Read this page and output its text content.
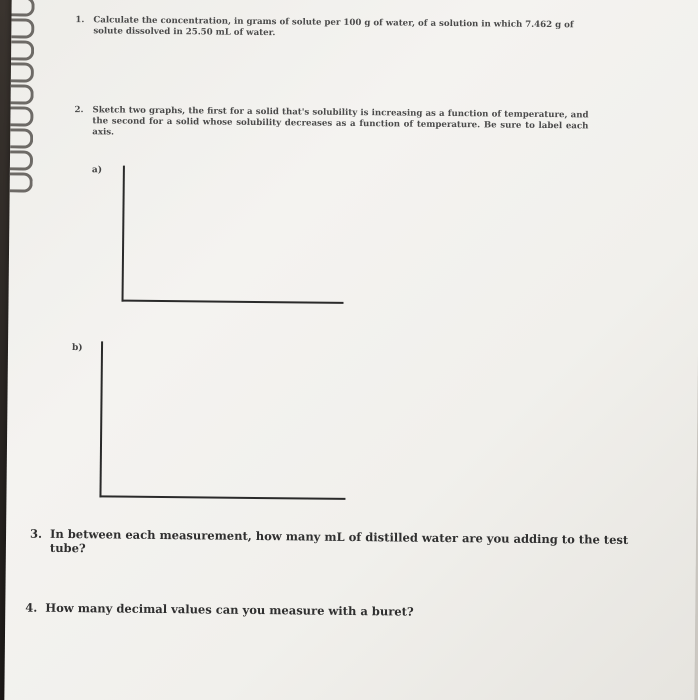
1. Calculate the concentration, in grams of solute per 100 g of water, of a solution in which 7.462 g of solute dissolved in 25.50 mL of water.
2. Sketch two graphs, the first for a solid that's solubility is increasing as a function of temperature, and the second for a solid whose solubility decreases as a function of temperature. Be sure to label each axis.
a)
b)
3. In between each measurement, how many mL of distilled water are you adding to the test tube?
4. How many decimal values can you measure with a buret?
